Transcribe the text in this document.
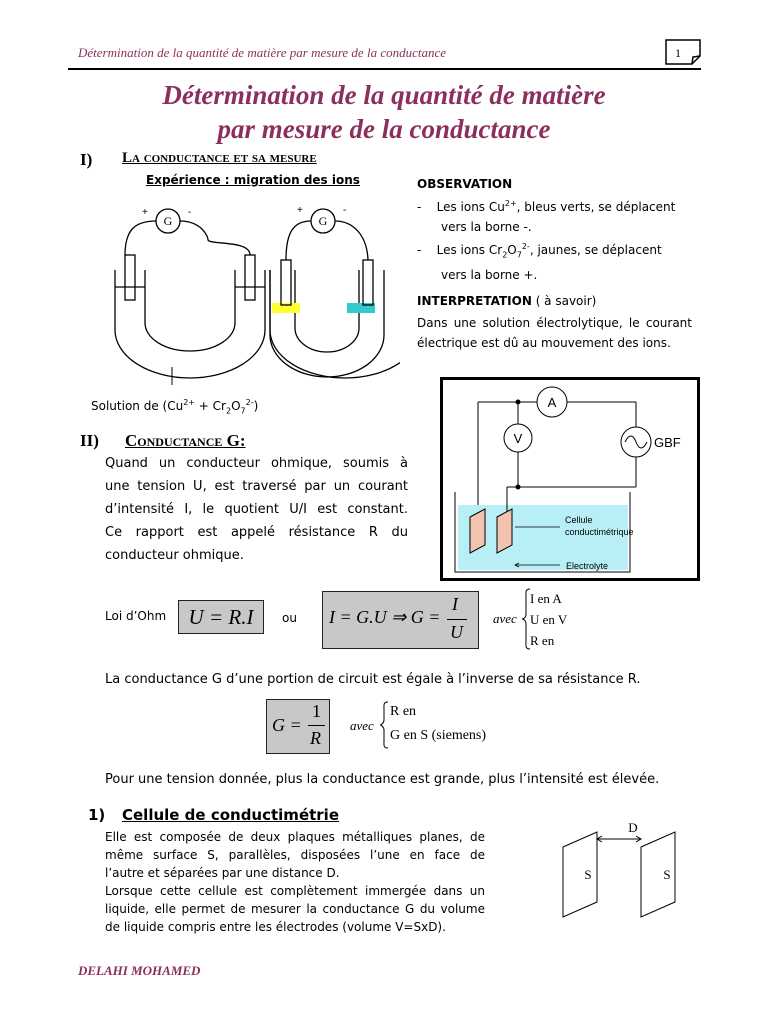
Détermination de la quantité de matière par mesure de la conductance	1
Détermination de la quantité de matière
par mesure de la conductance
I) La conductance et sa mesure
Expérience : migration des ions
G
+	-
G
+	-
Solution de $(Cu^{2+} + Cr_2O_7^{2-})$
OBSERVATION
-    Les ions $Cu^{2+}$, bleus verts, se déplacent
vers la borne -.
-    Les ions $Cr_2O_7^{2-}$, jaunes, se déplacent
vers la borne +.
INTERPRETATION ( à savoir)
Dans une solution électrolytique, le courant électrique est dû au mouvement des ions.
A
V	GBF
Cellule
conductimétrique
Electrolyte
II) Conductance G:
Quand un conducteur ohmique, soumis à
une tension U, est traversé par un courant
d’intensité I, le quotient U/I est constant.
Ce rapport est appelé résistance R du
conducteur ohmique.
Loi d’Ohm	U = R.I	ou I = G.U ⇒ G =
I
U
avec
I en A
U en V
R en
La conductance G d’une portion de circuit est égale à l’inverse de sa résistance R.
G =
1
R
avec
R en
G en S (siemens)
Pour une tension donnée, plus la conductance est grande, plus l’intensité est élevée.
1) Cellule de conductimétrie
Elle est composée de deux plaques métalliques planes, de
même surface S, parallèles, disposées l’une en face de
l’autre et séparées par une distance D.
Lorsque cette cellule est complètement immergée dans un
liquide, elle permet de mesurer la conductance G du volume
de liquide compris entre les électrodes (volume V=SxD).
D
S	S
DELAHI MOHAMED
